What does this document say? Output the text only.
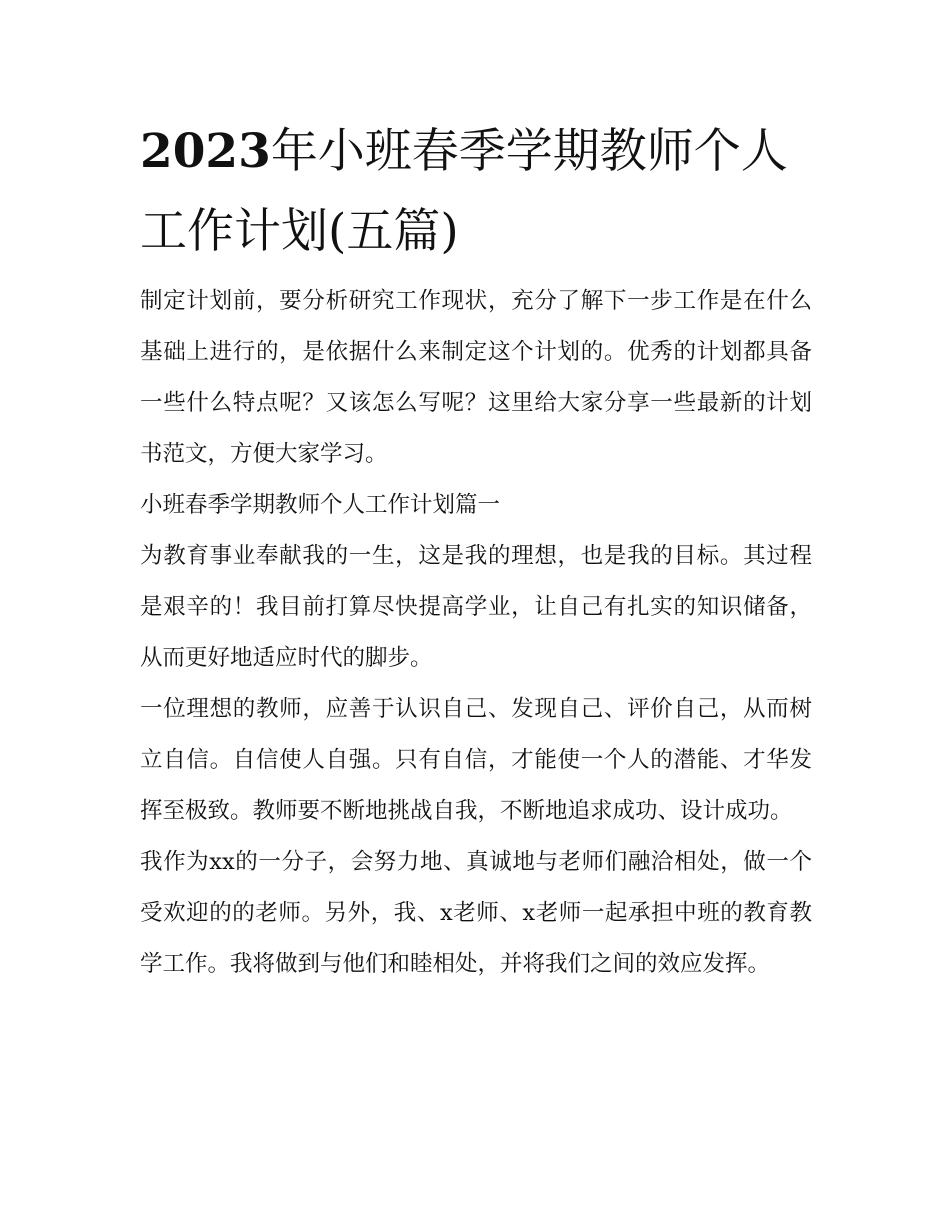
2023年小班春季学期教师个人工作计划(五篇)

制定计划前，要分析研究工作现状，充分了解下一步工作是在什么基础上进行的，是依据什么来制定这个计划的。优秀的计划都具备一些什么特点呢？又该怎么写呢？这里给大家分享一些最新的计划书范文，方便大家学习。

小班春季学期教师个人工作计划篇一

为教育事业奉献我的一生，这是我的理想，也是我的目标。其过程是艰辛的！我目前打算尽快提高学业，让自己有扎实的知识储备，从而更好地适应时代的脚步。

一位理想的教师，应善于认识自己、发现自己、评价自己，从而树立自信。自信使人自强。只有自信，才能使一个人的潜能、才华发挥至极致。教师要不断地挑战自我，不断地追求成功、设计成功。

我作为xx的一分子，会努力地、真诚地与老师们融洽相处，做一个受欢迎的的老师。另外，我、x老师、x老师一起承担中班的教育教学工作。我将做到与他们和睦相处，并将我们之间的效应发挥。
